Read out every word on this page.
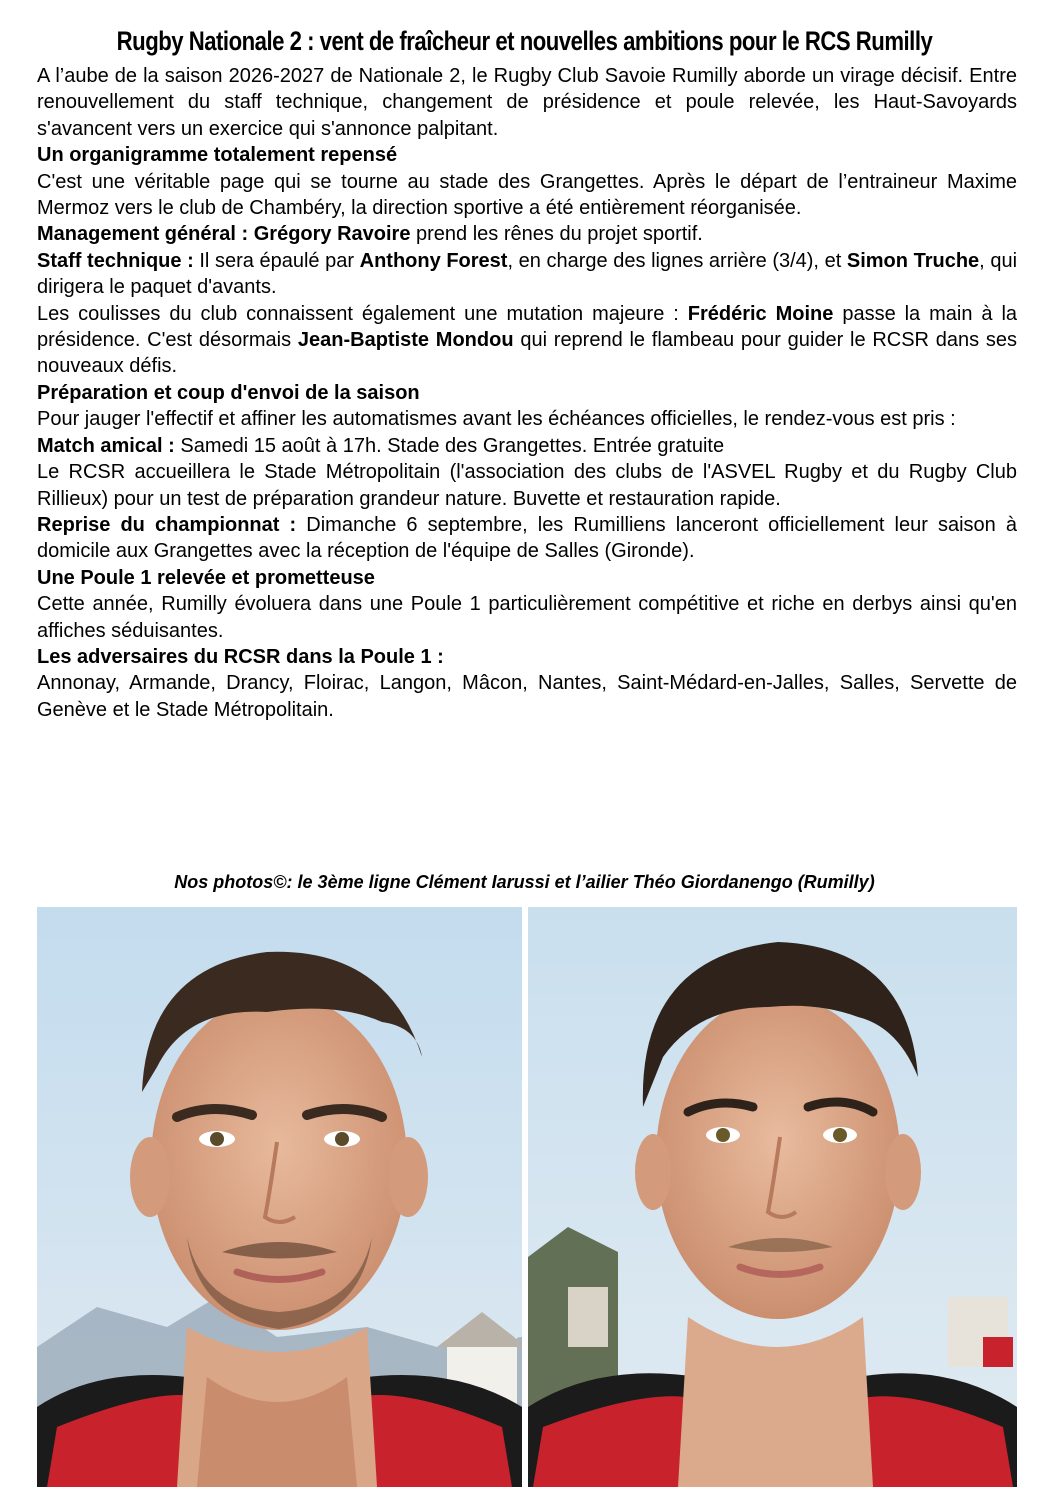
Rugby Nationale 2 : vent de fraîcheur et nouvelles ambitions pour le RCS Rumilly

A l’aube de la saison 2026-2027 de Nationale 2, le Rugby Club Savoie Rumilly aborde un virage décisif. Entre renouvellement du staff technique, changement de présidence et poule relevée, les Haut-Savoyards s'avancent vers un exercice qui s'annonce palpitant.

Un organigramme totalement repensé

C'est une véritable page qui se tourne au stade des Grangettes. Après le départ de l’entraineur Maxime Mermoz vers le club de Chambéry, la direction sportive a été entièrement réorganisée.

Management général : Grégory Ravoire prend les rênes du projet sportif.

Staff technique : Il sera épaulé par Anthony Forest, en charge des lignes arrière (3/4), et Simon Truche, qui dirigera le paquet d'avants.

Les coulisses du club connaissent également une mutation majeure : Frédéric Moine passe la main à la présidence. C'est désormais Jean-Baptiste Mondou qui reprend le flambeau pour guider le RCSR dans ses nouveaux défis.

Préparation et coup d'envoi de la saison

Pour jauger l'effectif et affiner les automatismes avant les échéances officielles, le rendez-vous est pris :

Match amical : Samedi 15 août à 17h. Stade des Grangettes. Entrée gratuite

Le RCSR accueillera le Stade Métropolitain (l'association des clubs de l'ASVEL Rugby et du Rugby Club Rillieux) pour un test de préparation grandeur nature. Buvette et restauration rapide.

Reprise du championnat : Dimanche 6 septembre, les Rumilliens lanceront officiellement leur saison à domicile aux Grangettes avec la réception de l'équipe de Salles (Gironde).

Une Poule 1 relevée et prometteuse

Cette année, Rumilly évoluera dans une Poule 1 particulièrement compétitive et riche en derbys ainsi qu'en affiches séduisantes.

Les adversaires du RCSR dans la Poule 1 :

Annonay, Armande, Drancy, Floirac, Langon, Mâcon, Nantes, Saint-Médard-en-Jalles, Salles, Servette de Genève et le Stade Métropolitain.

Nos photos©: le 3ème ligne Clément Iarussi et l’ailier Théo Giordanengo (Rumilly)
